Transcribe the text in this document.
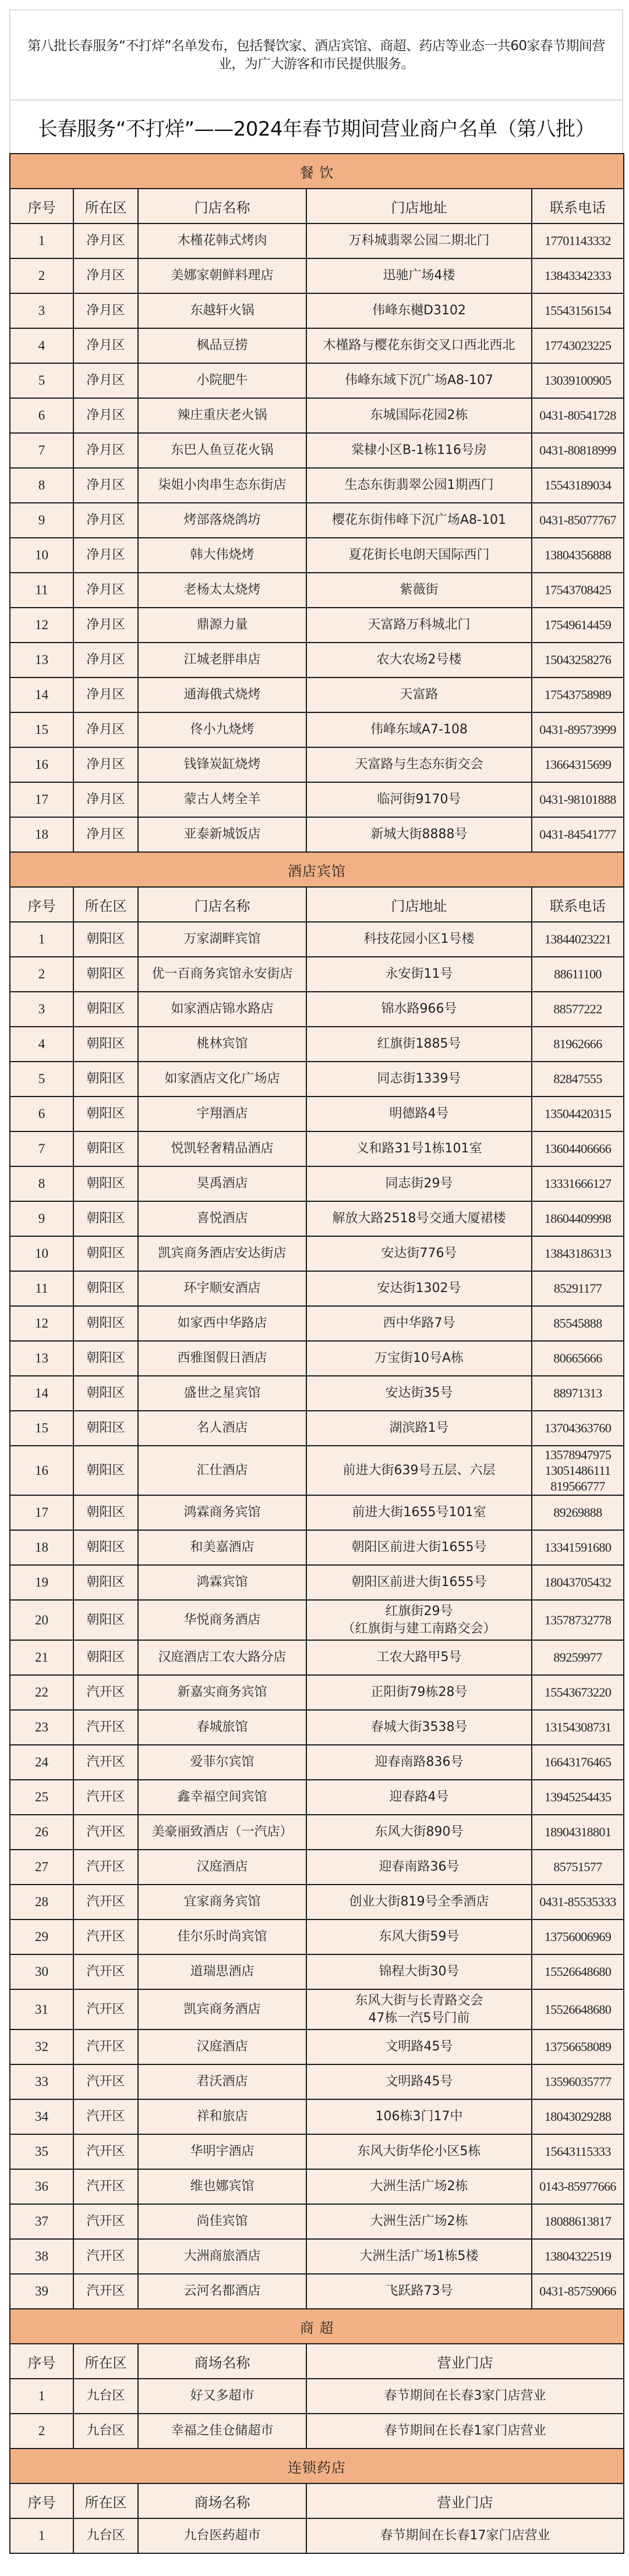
第八批长春服务“不打烊”名单发布，包括餐饮家、酒店宾馆、商超、药店等业态一共60家春节期间营业，为广大游客和市民提供服务。
长春服务“不打烊”——2024年春节期间营业商户名单（第八批）
餐 饮				
序号	所在区	门店名称	门店地址	联系电话
1	净月区	木槿花韩式烤肉	万科城翡翠公园二期北门	17701143332
2	净月区	美娜家朝鲜料理店	迅驰广场4楼	13843342333
3	净月区	东越轩火锅	伟峰东樾D3102	15543156154
4	净月区	枫品豆捞	木槿路与樱花东街交叉口西北西北	17743023225
5	净月区	小院肥牛	伟峰东域下沉广场A8-107	13039100905
6	净月区	辣庄重庆老火锅	东城国际花园2栋	0431-80541728
7	净月区	东巴人鱼豆花火锅	棠棣小区B-1栋116号房	0431-80818999
8	净月区	柒姐小肉串生态东街店	生态东街翡翠公园1期西门	15543189034
9	净月区	烤部落烧鸽坊	樱花东街伟峰下沉广场A8-101	0431-85077767
10	净月区	韩大伟烧烤	夏花街长电朗天国际西门	13804356888
11	净月区	老杨太太烧烤	紫薇街	17543708425
12	净月区	鼎源力量	天富路万科城北门	17549614459
13	净月区	江城老胖串店	农大农场2号楼	15043258276
14	净月区	通海俄式烧烤	天富路	17543758989
15	净月区	佟小九烧烤	伟峰东域A7-108	0431-89573999
16	净月区	钱锋炭缸烧烤	天富路与生态东街交会	13664315699
17	净月区	蒙古人烤全羊	临河街9170号	0431-98101888
18	净月区	亚泰新城饭店	新城大街8888号	0431-84541777
酒店宾馆				
序号	所在区	门店名称	门店地址	联系电话
1	朝阳区	万家湖畔宾馆	科技花园小区1号楼	13844023221
2	朝阳区	优一百商务宾馆永安街店	永安街11号	88611100
3	朝阳区	如家酒店锦水路店	锦水路966号	88577222
4	朝阳区	桃林宾馆	红旗街1885号	81962666
5	朝阳区	如家酒店文化广场店	同志街1339号	82847555
6	朝阳区	宇翔酒店	明德路4号	13504420315
7	朝阳区	悦凯轻奢精品酒店	义和路31号1栋101室	13604406666
8	朝阳区	昊禹酒店	同志街29号	13331666127
9	朝阳区	喜悦酒店	解放大路2518号交通大厦裙楼	18604409998
10	朝阳区	凯宾商务酒店安达街店	安达街776号	13843186313
11	朝阳区	环宇顺安酒店	安达街1302号	85291177
12	朝阳区	如家西中华路店	西中华路7号	85545888
13	朝阳区	西雅图假日酒店	万宝街10号A栋	80665666
14	朝阳区	盛世之星宾馆	安达街35号	88971313
15	朝阳区	名人酒店	湖滨路1号	13704363760
16	朝阳区	汇仕酒店	前进大街639号五层、六层	13578947975
13051486111
819566777

17	朝阳区	鸿霖商务宾馆	前进大街1655号101室	89269888
18	朝阳区	和美嘉酒店	朝阳区前进大街1655号	13341591680
19	朝阳区	鸿霖宾馆	朝阳区前进大街1655号	18043705432
20	朝阳区	华悦商务酒店	红旗街29号
（红旗街与建工南路交会）	13578732778
21	朝阳区	汉庭酒店工农大路分店	工农大路甲5号	89259977
22	汽开区	新嘉实商务宾馆	正阳街79栋28号	15543673220
23	汽开区	春城旅馆	春城大街3538号	13154308731
24	汽开区	爱菲尔宾馆	迎春南路836号	16643176465
25	汽开区	鑫幸福空间宾馆	迎春路4号	13945254435
26	汽开区	美豪丽致酒店（一汽店）	东风大街890号	18904318801
27	汽开区	汉庭酒店	迎春南路36号	85751577
28	汽开区	宜家商务宾馆	创业大街819号全季酒店	0431-85535333
29	汽开区	佳尔乐时尚宾馆	东风大街59号	13756006969
30	汽开区	道瑞思酒店	锦程大街30号	15526648680
31	汽开区	凯宾商务酒店	东风大街与长青路交会
47栋一汽5号门前	15526648680
32	汽开区	汉庭酒店	文明路45号	13756658089
33	汽开区	君沃酒店	文明路45号	13596035777
34	汽开区	祥和旅店	106栋3门17中	18043029288
35	汽开区	华明宇酒店	东风大街华伦小区5栋	15643115333
36	汽开区	维也娜宾馆	大洲生活广场2栋	0143-85977666
37	汽开区	尚佳宾馆	大洲生活广场2栋	18088613817
38	汽开区	大洲商旅酒店	大洲生活广场1栋5楼	13804322519
39	汽开区	云河名都酒店	飞跃路73号	0431-85759066
商 超				
序号	所在区	商场名称	营业门店	
1	九台区	好又多超市	春节期间在长春3家门店营业	
2	九台区	幸福之佳仓储超市	春节期间在长春1家门店营业	
连锁药店				
序号	所在区	商场名称	营业门店	
1	九台区	九台医药超市	春节期间在长春17家门店营业	
